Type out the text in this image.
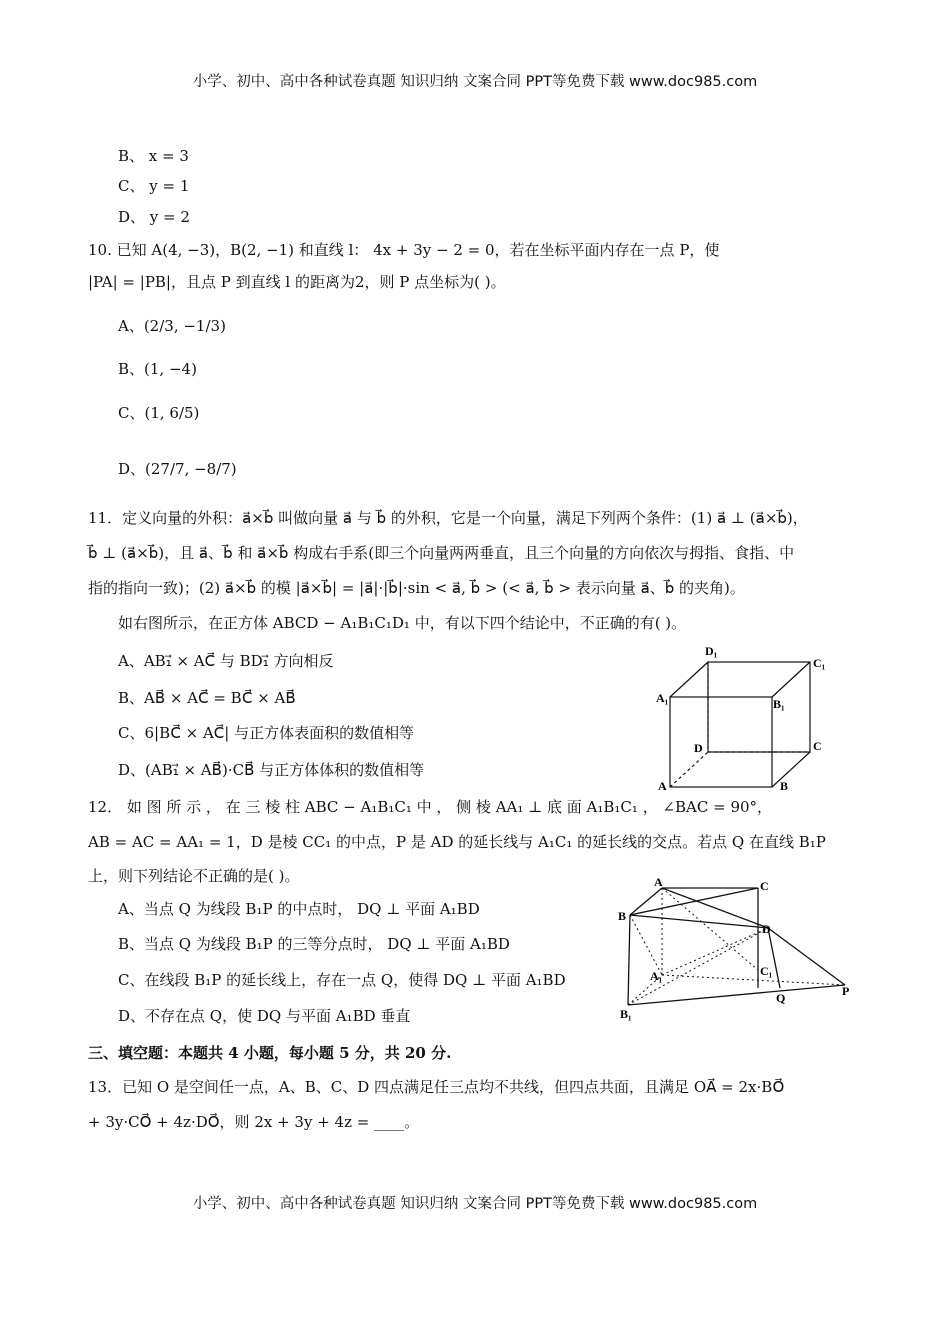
小学、初中、高中各种试卷真题 知识归纳 文案合同 PPT等免费下载 www.doc985.com
B、 x = 3
C、 y = 1
D、 y = 2
10. 已知 A(4, −3)，B(2, −1) 和直线 l： 4x + 3y − 2 = 0，若在坐标平面内存在一点 P，使
|PA| = |PB|，且点 P 到直线 l 的距离为2，则 P 点坐标为( )。
A、(2/3, −1/3)
B、(1, −4)
C、(1, 6/5)
D、(27/7, −8/7)
11．定义向量的外积：a⃗×b⃗ 叫做向量 a⃗ 与 b⃗ 的外积，它是一个向量，满足下列两个条件：(1) a⃗ ⊥ (a⃗×b⃗)，
b⃗ ⊥ (a⃗×b⃗)，且 a⃗、b⃗ 和 a⃗×b⃗ 构成右手系(即三个向量两两垂直，且三个向量的方向依次与拇指、食指、中
指的指向一致)；(2) a⃗×b⃗ 的模 |a⃗×b⃗| = |a⃗|·|b⃗|·sin < a⃗, b⃗ > (< a⃗, b⃗ > 表示向量 a⃗、b⃗ 的夹角)。
如右图所示，在正方体 ABCD − A₁B₁C₁D₁ 中，有以下四个结论中，不正确的有( )。
A、AB₁⃗ × AC⃗ 与 BD₁⃗ 方向相反
B、AB⃗ × AC⃗ = BC⃗ × AB⃗
C、6|BC⃗ × AC⃗| 与正方体表面积的数值相等
D、(AB₁⃗ × AB⃗)·CB⃗ 与正方体体积的数值相等
D₁
C₁
A₁	B₁
D	C
A	B
12． 如 图 所 示 ， 在 三 棱 柱 ABC − A₁B₁C₁ 中 ， 侧 棱 AA₁ ⊥ 底 面 A₁B₁C₁ ， ∠BAC = 90°，
AB = AC = AA₁ = 1，D 是棱 CC₁ 的中点，P 是 AD 的延长线与 A₁C₁ 的延长线的交点。若点 Q 在直线 B₁P
上，则下列结论不正确的是( )。
A、当点 Q 为线段 B₁P 的中点时， DQ ⊥ 平面 A₁BD
B、当点 Q 为线段 B₁P 的三等分点时， DQ ⊥ 平面 A₁BD
C、在线段 B₁P 的延长线上，存在一点 Q，使得 DQ ⊥ 平面 A₁BD
D、不存在点 Q，使 DQ 与平面 A₁BD 垂直
A	C
B
D
A₁	C₁
Q	P
B₁
三、填空题：本题共 4 小题，每小题 5 分，共 20 分.
13．已知 O 是空间任一点，A、B、C、D 四点满足任三点均不共线，但四点共面，且满足 OA⃗ = 2x·BO⃗
+ 3y·CO⃗ + 4z·DO⃗，则 2x + 3y + 4z = ____。
小学、初中、高中各种试卷真题 知识归纳 文案合同 PPT等免费下载 www.doc985.com
